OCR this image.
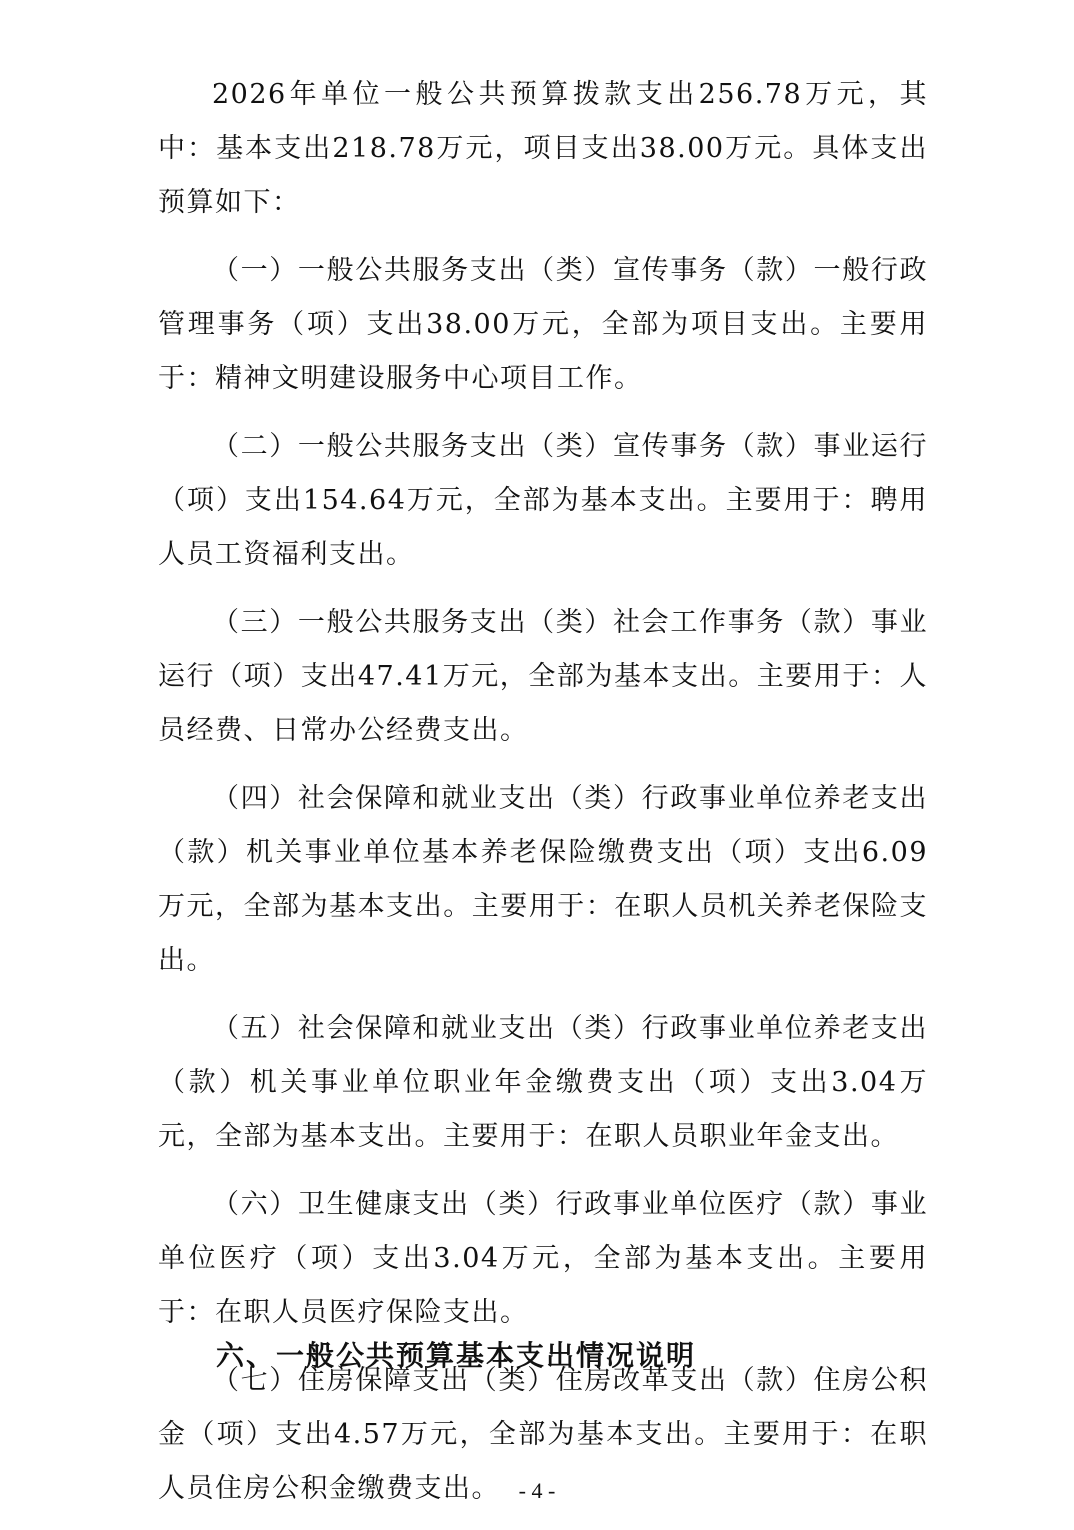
2026年单位一般公共预算拨款支出256.78万元，其中：基本支出218.78万元，项目支出38.00万元。具体支出预算如下：

（一）一般公共服务支出（类）宣传事务（款）一般行政管理事务（项）支出38.00万元，全部为项目支出。主要用于：精神文明建设服务中心项目工作。

（二）一般公共服务支出（类）宣传事务（款）事业运行（项）支出154.64万元，全部为基本支出。主要用于：聘用人员工资福利支出。

（三）一般公共服务支出（类）社会工作事务（款）事业运行（项）支出47.41万元，全部为基本支出。主要用于：人员经费、日常办公经费支出。

（四）社会保障和就业支出（类）行政事业单位养老支出（款）机关事业单位基本养老保险缴费支出（项）支出6.09万元，全部为基本支出。主要用于：在职人员机关养老保险支出。

（五）社会保障和就业支出（类）行政事业单位养老支出（款）机关事业单位职业年金缴费支出（项）支出3.04万元，全部为基本支出。主要用于：在职人员职业年金支出。

（六）卫生健康支出（类）行政事业单位医疗（款）事业单位医疗（项）支出3.04万元，全部为基本支出。主要用于：在职人员医疗保险支出。

（七）住房保障支出（类）住房改革支出（款）住房公积金（项）支出4.57万元，全部为基本支出。主要用于：在职人员住房公积金缴费支出。

六、一般公共预算基本支出情况说明
- 4 -
